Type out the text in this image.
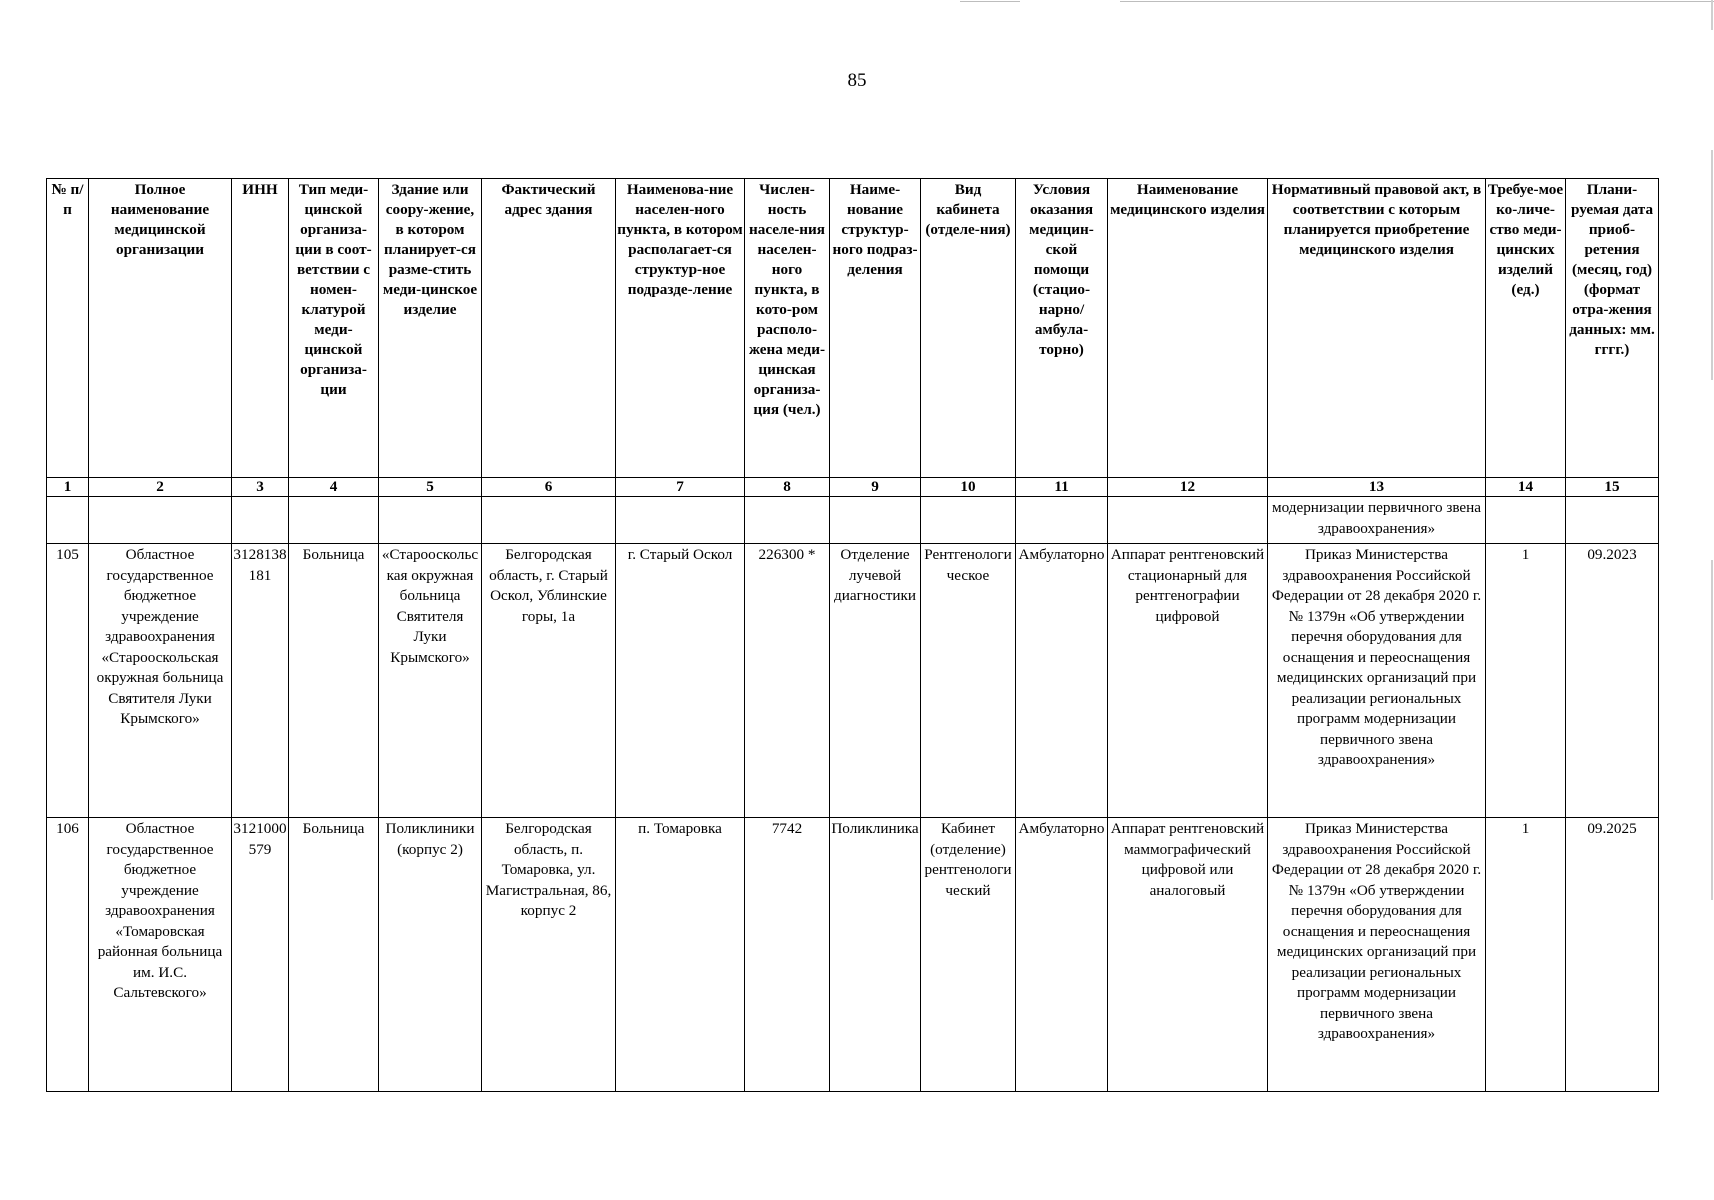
85
№ п/п	Полное наименование медицинской организации	ИНН	Тип меди-цинской организа-ции в соот-ветствии с номен-клатурой меди-цинской организа-ции	Здание или соору-жение, в котором планирует-ся разме-стить меди-цинское изделие	Фактический адрес здания	Наименова-ние населен-ного пункта, в котором располагает-ся структур-ное подразде-ление	Числен-ность населе-ния населен-ного пункта, в кото-ром располо-жена меди-цинская организа-ция (чел.)	Наиме-нование структур-ного подраз-деления	Вид кабинета (отделе-ния)	Условия оказания медицин-ской помощи (стацио-нарно/ амбула-торно)	Наименование медицинского изделия	Нормативный правовой акт, в соответствии с которым планируется приобретение медицинского изделия	Требуе-мое ко-личе-ство меди-цинских изделий (ед.)	Плани-руемая дата приоб-ретения (месяц, год) (формат отра-жения данных: мм. гггг.)
1	2	3	4	5	6	7	8	9	10	11	12	13	14	15
												модернизации первичного звена здравоохранения»		
105	Областное государственное бюджетное учреждение здравоохранения «Старооскольская окружная больница Святителя Луки Крымского»	3128138181	Больница	«Старооскольская окружная больница Святителя Луки Крымского»	Белгородская область, г. Старый Оскол, Ублинские горы, 1а	г. Старый Оскол	226300 *	Отделение лучевой диагностики	Рентгенологическое	Амбулаторно	Аппарат рентгеновский стационарный для рентгенографии цифровой	Приказ Министерства здравоохранения Российской Федерации от 28 декабря 2020 г. № 1379н «Об утверждении перечня оборудования для оснащения и переоснащения медицинских организаций при реализации региональных программ модернизации первичного звена здравоохранения»	1	09.2023
106	Областное государственное бюджетное учреждение здравоохранения «Томаровская районная больница им. И.С. Сальтевского»	3121000579	Больница	Поликлиники (корпус 2)	Белгородская область, п. Томаровка, ул. Магистральная, 86, корпус 2	п. Томаровка	7742	Поликлиника	Кабинет (отделение) рентгенологический	Амбулаторно	Аппарат рентгеновский маммографический цифровой или аналоговый	Приказ Министерства здравоохранения Российской Федерации от 28 декабря 2020 г. № 1379н «Об утверждении перечня оборудования для оснащения и переоснащения медицинских организаций при реализации региональных программ модернизации первичного звена здравоохранения»	1	09.2025
